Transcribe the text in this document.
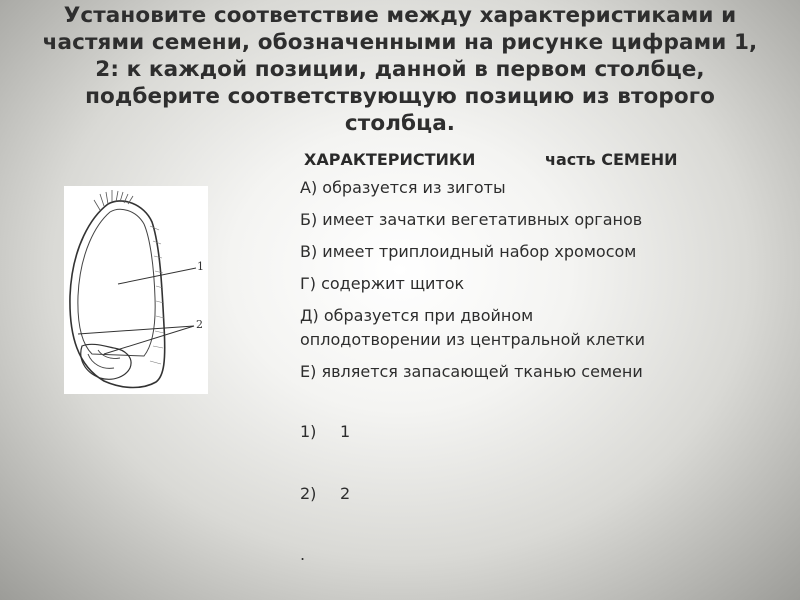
Установите соответствие между характеристиками и частями семени, обозначенными на рисунке цифрами 1, 2: к каждой позиции, данной в первом столбце, подберите соответствующую позицию из второго столбца.
1
2
ХАРАКТЕРИСТИКИ	часть СЕМЕНИ
А) образуется из зиготы
Б) имеет зачатки вегетативных органов
В) имеет триплоидный набор хромосом
Г) содержит щиток
Д) образуется при двойном
оплодотворении из центральной клетки
Е) является запасающей тканью семени
1) 1
2) 2
.
